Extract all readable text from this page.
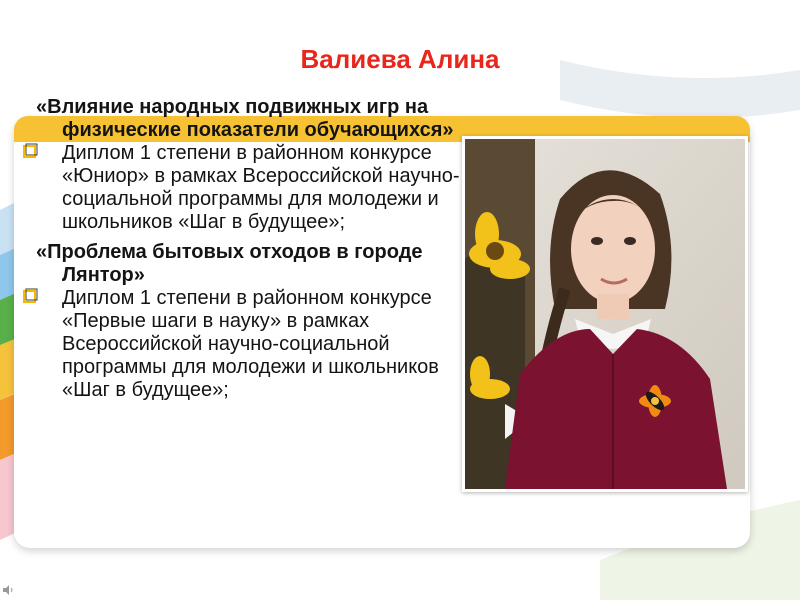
Валиева Алина
«Влияние народных подвижных игр на физические показатели обучающихся»
Диплом 1 степени в районном конкурсе «Юниор» в рамках Всероссийской научно-социальной программы для молодежи и школьников «Шаг в будущее»;
«Проблема бытовых отходов в городе Лянтор»
Диплом 1 степени в районном конкурсе «Первые шаги в науку» в рамках Всероссийской научно-социальной программы для молодежи и школьников «Шаг в будущее»;
